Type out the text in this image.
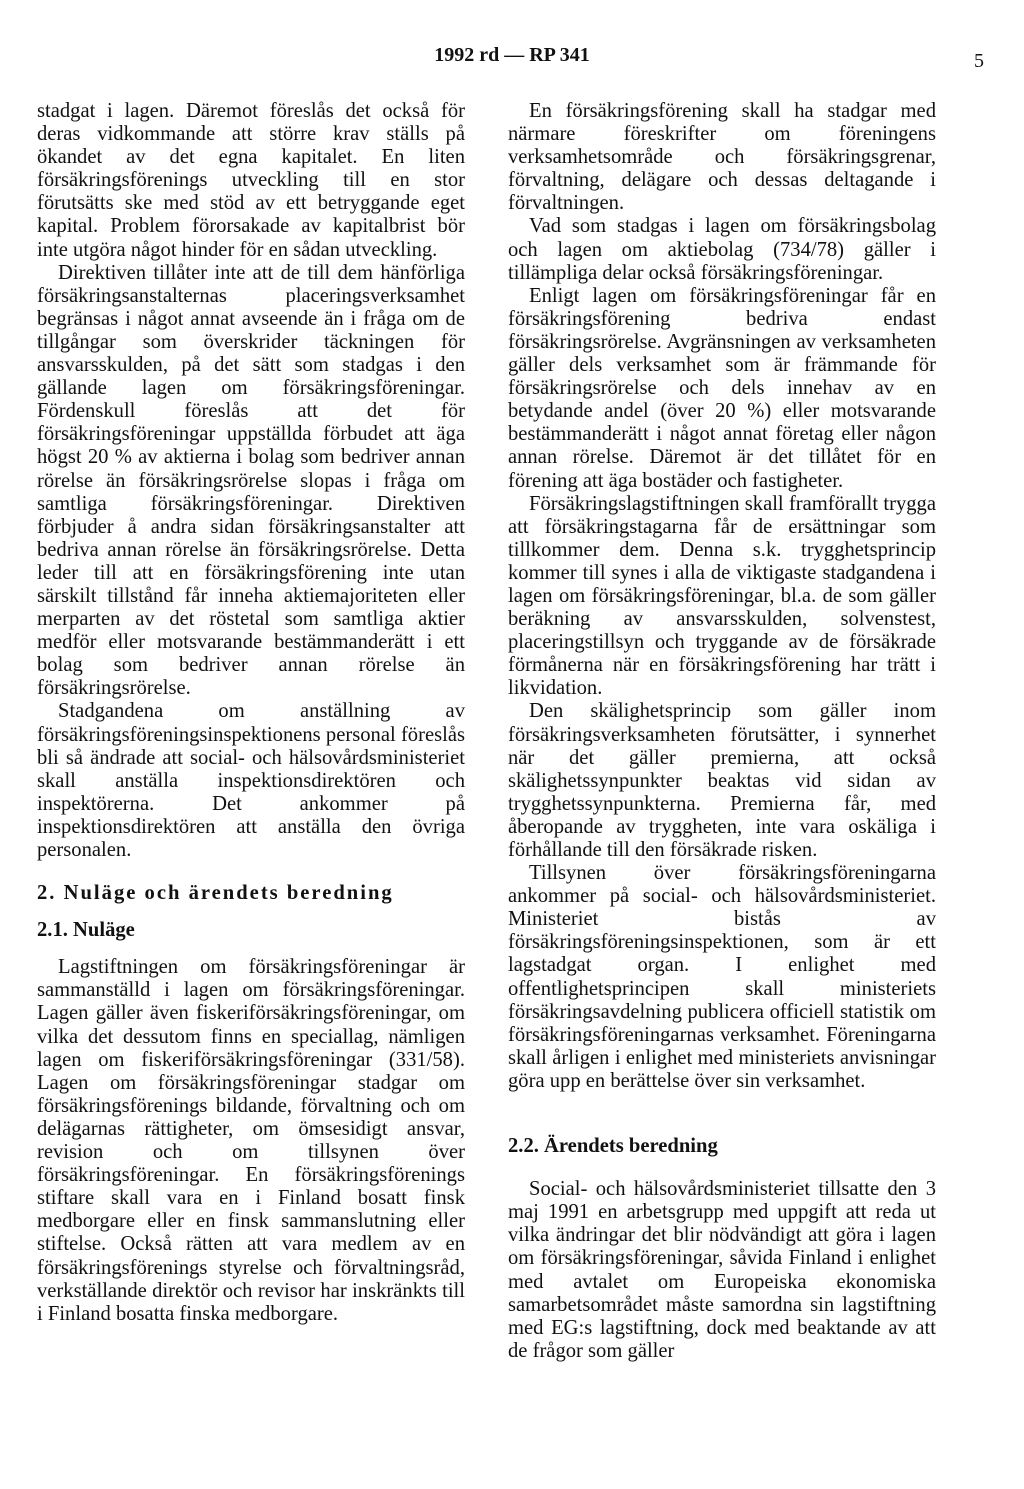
1992 rd — RP 341	5

stadgat i lagen. Däremot föreslås det också för deras vidkommande att större krav ställs på ökandet av det egna kapitalet. En liten försäkringsförenings utveckling till en stor förutsätts ske med stöd av ett betryggande eget kapital. Problem förorsakade av kapitalbrist bör inte utgöra något hinder för en sådan utveckling.

Direktiven tillåter inte att de till dem hänförliga försäkringsanstalternas placeringsverksamhet begränsas i något annat avseende än i fråga om de tillgångar som överskrider täckningen för ansvarsskulden, på det sätt som stadgas i den gällande lagen om försäkringsföreningar. Fördenskull föreslås att det för försäkringsföreningar uppställda förbudet att äga högst 20 % av aktierna i bolag som bedriver annan rörelse än försäkringsrörelse slopas i fråga om samtliga försäkringsföreningar. Direktiven förbjuder å andra sidan försäkringsanstalter att bedriva annan rörelse än försäkringsrörelse. Detta leder till att en försäkringsförening inte utan särskilt tillstånd får inneha aktiemajoriteten eller merparten av det röstetal som samtliga aktier medför eller motsvarande bestämmanderätt i ett bolag som bedriver annan rörelse än försäkringsrörelse.

Stadgandena om anställning av försäkringsföreningsinspektionens personal föreslås bli så ändrade att social- och hälsovårdsministeriet skall anställa inspektionsdirektören och inspektörerna. Det ankommer på inspektionsdirektören att anställa den övriga personalen.

2. Nuläge och ärendets beredning

2.1. Nuläge

Lagstiftningen om försäkringsföreningar är sammanställd i lagen om försäkringsföreningar. Lagen gäller även fiskeriförsäkringsföreningar, om vilka det dessutom finns en speciallag, nämligen lagen om fiskeriförsäkringsföreningar (331/58). Lagen om försäkringsföreningar stadgar om försäkringsförenings bildande, förvaltning och om delägarnas rättigheter, om ömsesidigt ansvar, revision och om tillsynen över försäkringsföreningar. En försäkringsförenings stiftare skall vara en i Finland bosatt finsk medborgare eller en finsk sammanslutning eller stiftelse. Också rätten att vara medlem av en försäkringsförenings styrelse och förvaltningsråd, verkställande direktör och revisor har inskränkts till i Finland bosatta finska medborgare.

En försäkringsförening skall ha stadgar med närmare föreskrifter om föreningens verksamhetsområde och försäkringsgrenar, förvaltning, delägare och dessas deltagande i förvaltningen.

Vad som stadgas i lagen om försäkringsbolag och lagen om aktiebolag (734/78) gäller i tillämpliga delar också försäkringsföreningar.

Enligt lagen om försäkringsföreningar får en försäkringsförening bedriva endast försäkringsrörelse. Avgränsningen av verksamheten gäller dels verksamhet som är främmande för försäkringsrörelse och dels innehav av en betydande andel (över 20 %) eller motsvarande bestämmanderätt i något annat företag eller någon annan rörelse. Däremot är det tillåtet för en förening att äga bostäder och fastigheter.

Försäkringslagstiftningen skall framförallt trygga att försäkringstagarna får de ersättningar som tillkommer dem. Denna s.k. trygghetsprincip kommer till synes i alla de viktigaste stadgandena i lagen om försäkringsföreningar, bl.a. de som gäller beräkning av ansvarsskulden, solvenstest, placeringstillsyn och tryggande av de försäkrade förmånerna när en försäkringsförening har trätt i likvidation.

Den skälighetsprincip som gäller inom försäkringsverksamheten förutsätter, i synnerhet när det gäller premierna, att också skälighetssynpunkter beaktas vid sidan av trygghetssynpunkterna. Premierna får, med åberopande av tryggheten, inte vara oskäliga i förhållande till den försäkrade risken.

Tillsynen över försäkringsföreningarna ankommer på social- och hälsovårdsministeriet. Ministeriet bistås av försäkringsföreningsinspektionen, som är ett lagstadgat organ. I enlighet med offentlighetsprincipen skall ministeriets försäkringsavdelning publicera officiell statistik om försäkringsföreningarnas verksamhet. Föreningarna skall årligen i enlighet med ministeriets anvisningar göra upp en berättelse över sin verksamhet.

2.2. Ärendets beredning

Social- och hälsovårdsministeriet tillsatte den 3 maj 1991 en arbetsgrupp med uppgift att reda ut vilka ändringar det blir nödvändigt att göra i lagen om försäkringsföreningar, såvida Finland i enlighet med avtalet om Europeiska ekonomiska samarbetsområdet måste samordna sin lagstiftning med EG:s lagstiftning, dock med beaktande av att de frågor som gäller
